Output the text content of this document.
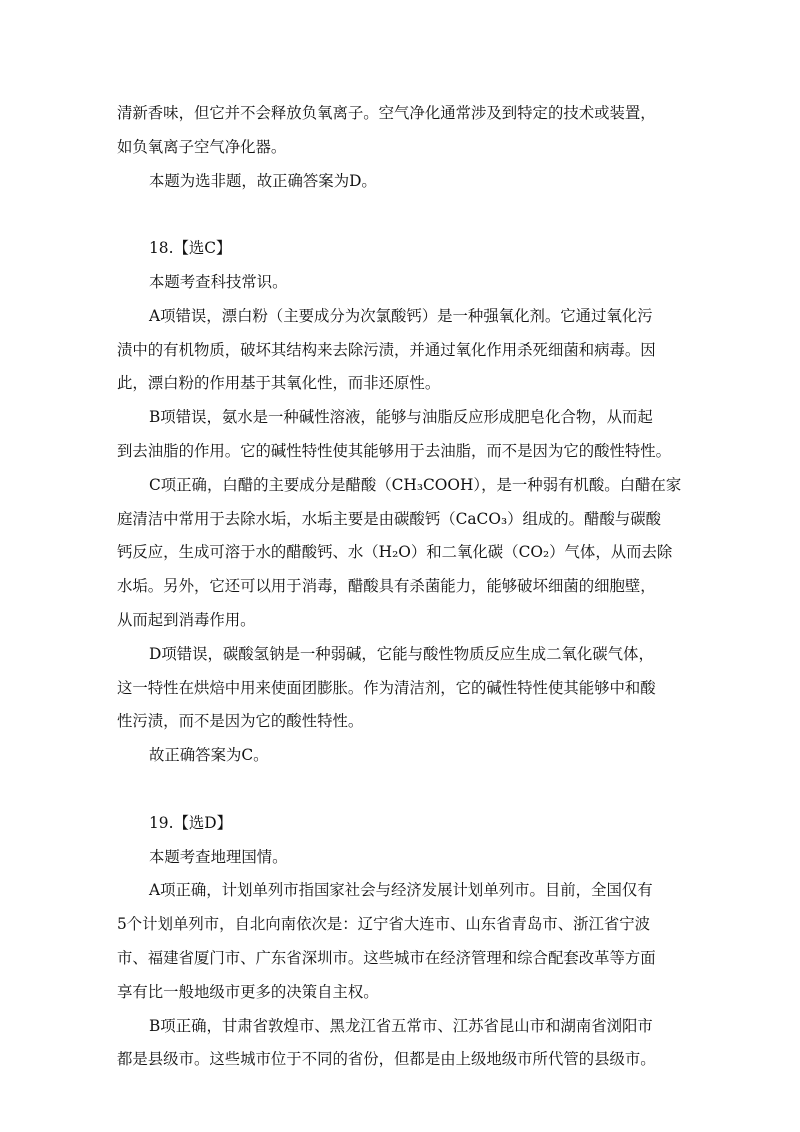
清新香味，但它并不会释放负氧离子。空气净化通常涉及到特定的技术或装置，
如负氧离子空气净化器。
本题为选非题，故正确答案为D。
18.【选C】
本题考查科技常识。
A项错误，漂白粉（主要成分为次氯酸钙）是一种强氧化剂。它通过氧化污
渍中的有机物质，破坏其结构来去除污渍，并通过氧化作用杀死细菌和病毒。因
此，漂白粉的作用基于其氧化性，而非还原性。
B项错误，氨水是一种碱性溶液，能够与油脂反应形成肥皂化合物，从而起
到去油脂的作用。它的碱性特性使其能够用于去油脂，而不是因为它的酸性特性。
C项正确，白醋的主要成分是醋酸（CH₃COOH），是一种弱有机酸。白醋在家
庭清洁中常用于去除水垢，水垢主要是由碳酸钙（CaCO₃）组成的。醋酸与碳酸
钙反应，生成可溶于水的醋酸钙、水（H₂O）和二氧化碳（CO₂）气体，从而去除
水垢。另外，它还可以用于消毒，醋酸具有杀菌能力，能够破坏细菌的细胞壁，
从而起到消毒作用。
D项错误，碳酸氢钠是一种弱碱，它能与酸性物质反应生成二氧化碳气体，
这一特性在烘焙中用来使面团膨胀。作为清洁剂，它的碱性特性使其能够中和酸
性污渍，而不是因为它的酸性特性。
故正确答案为C。
19.【选D】
本题考查地理国情。
A项正确，计划单列市指国家社会与经济发展计划单列市。目前，全国仅有
5个计划单列市，自北向南依次是：辽宁省大连市、山东省青岛市、浙江省宁波
市、福建省厦门市、广东省深圳市。这些城市在经济管理和综合配套改革等方面
享有比一般地级市更多的决策自主权。
B项正确，甘肃省敦煌市、黑龙江省五常市、江苏省昆山市和湖南省浏阳市
都是县级市。这些城市位于不同的省份，但都是由上级地级市所代管的县级市。
